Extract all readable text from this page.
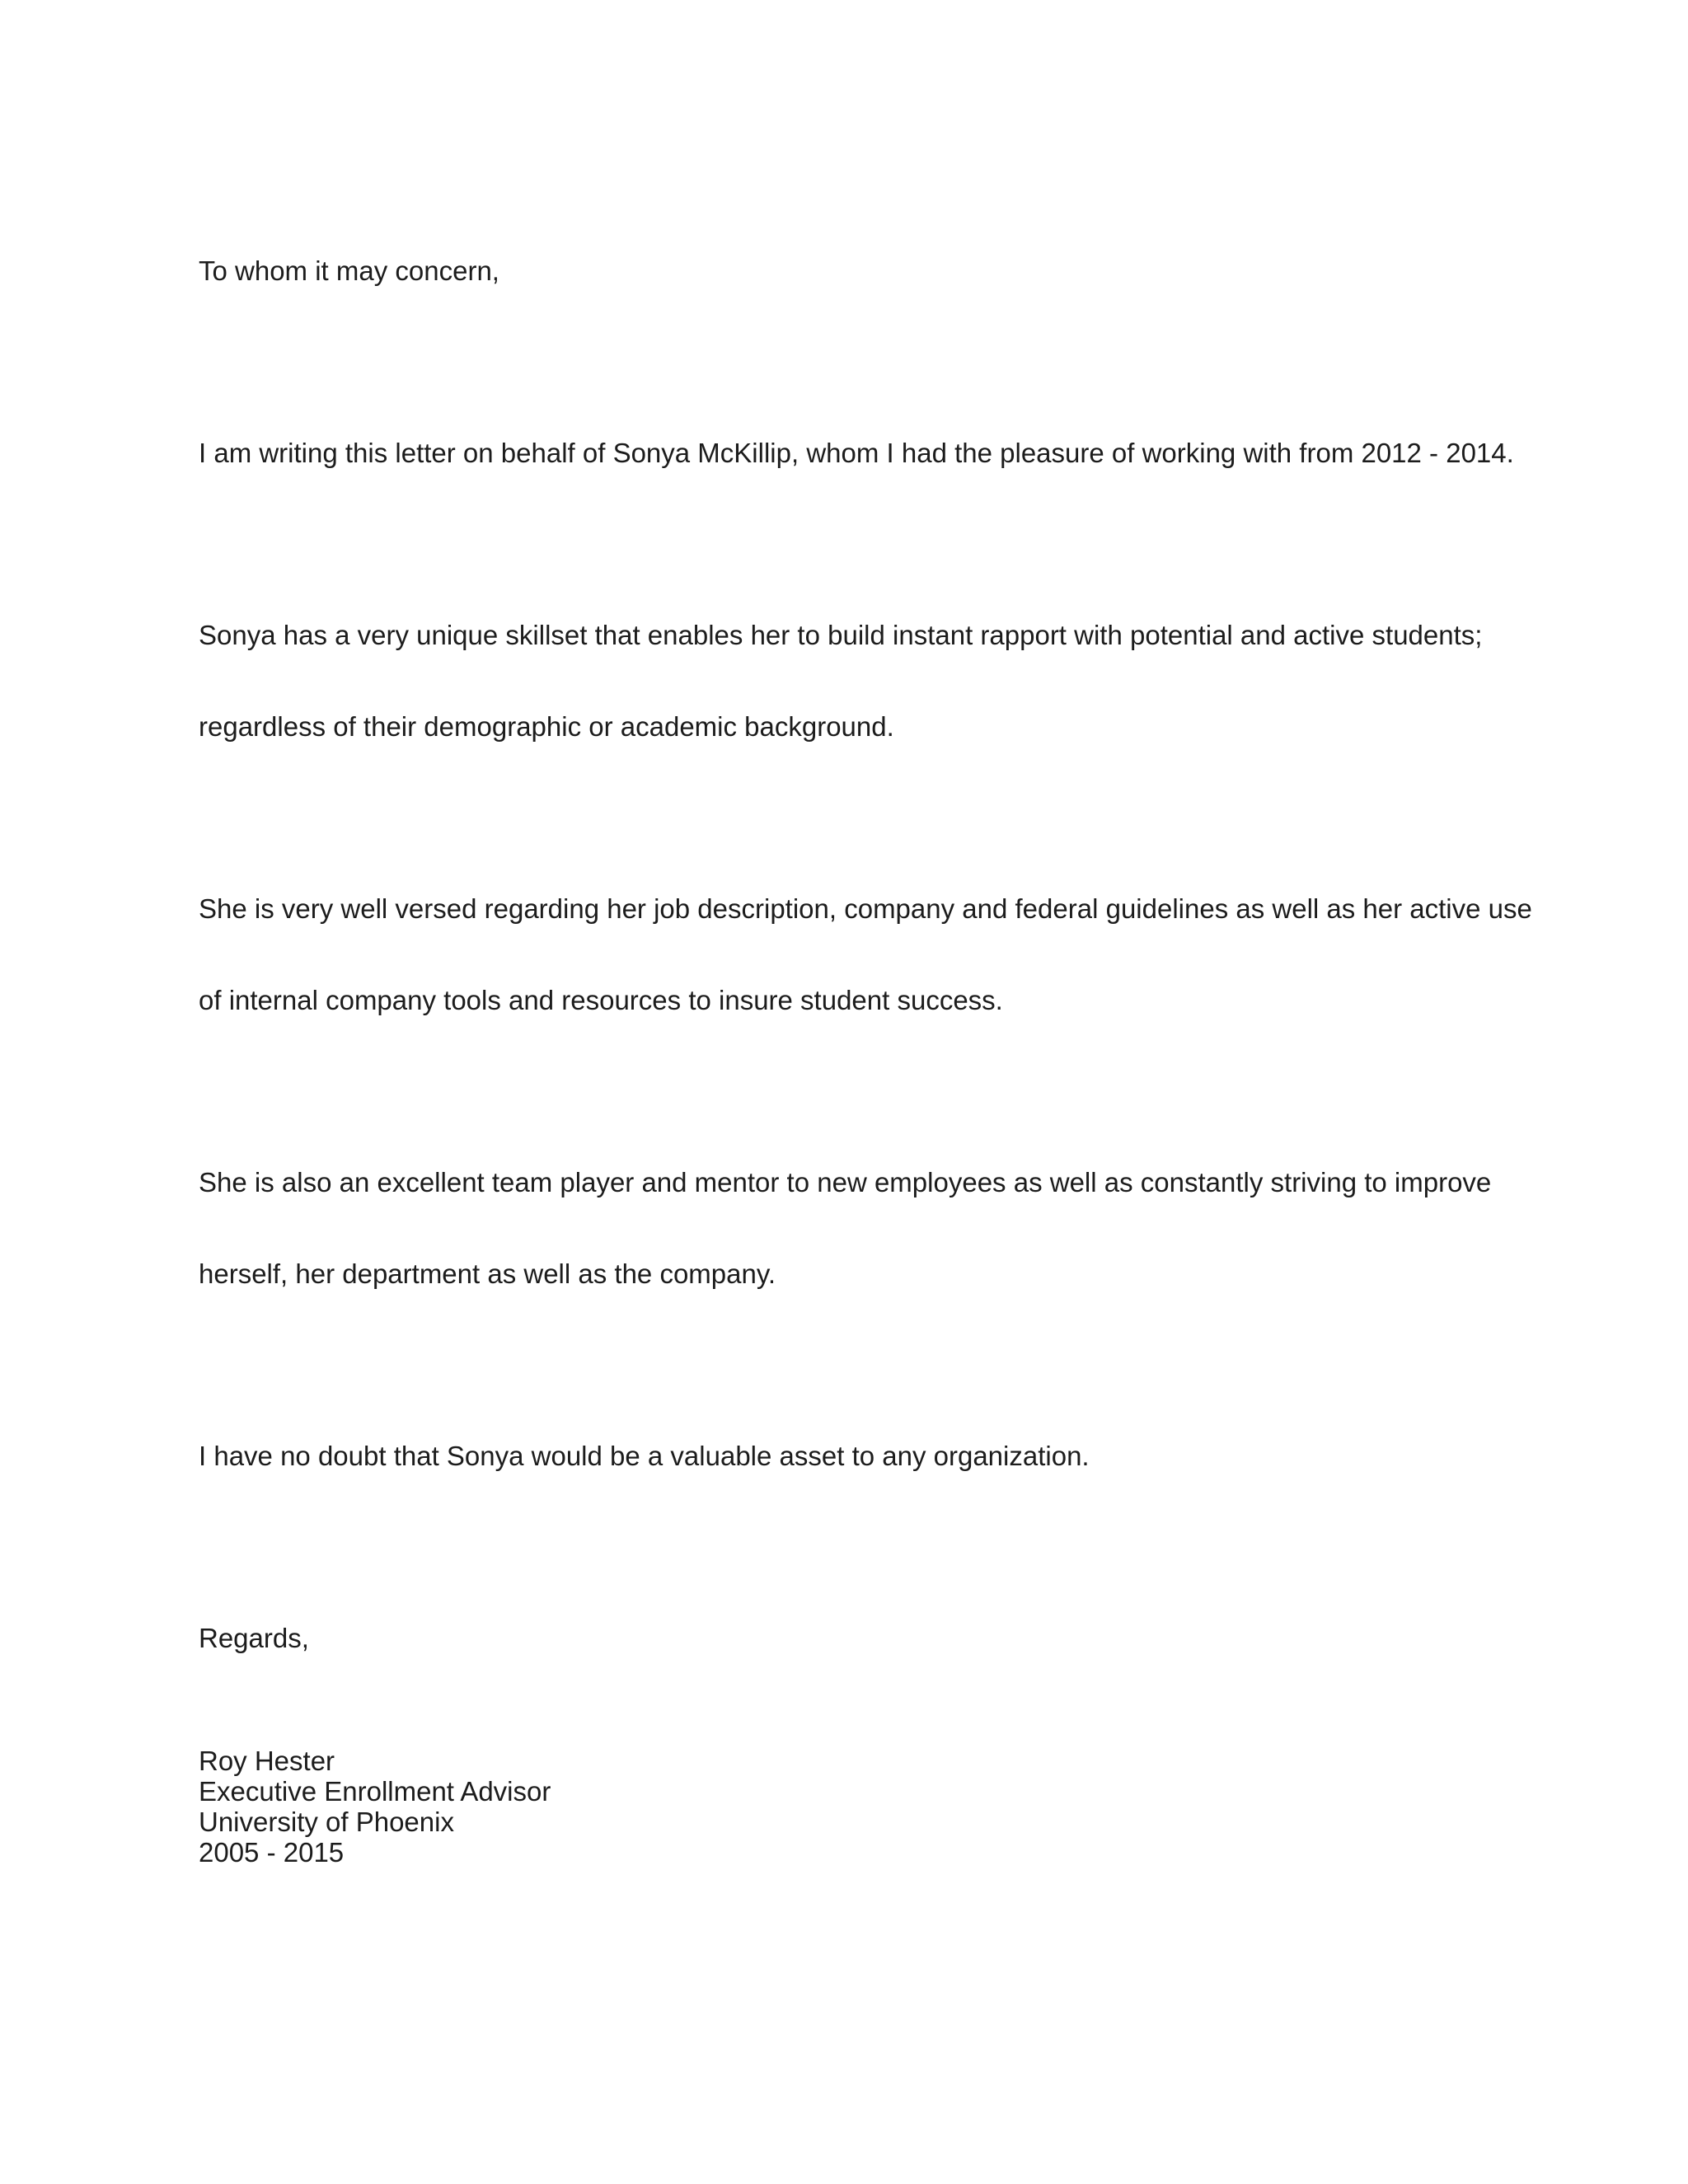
To whom it may concern,

I am writing this letter on behalf of Sonya McKillip, whom I had the pleasure of working with from 2012 - 2014.

Sonya has a very unique skillset that enables her to build instant rapport with potential and active students;

regardless of their demographic or academic background.

She is very well versed regarding her job description, company and federal guidelines as well as her active use

of internal company tools and resources to insure student success.

She is also an excellent team player and mentor to new employees as well as constantly striving to improve

herself, her department as well as the company.

I have no doubt that Sonya would be a valuable asset to any organization.

Regards,

Roy Hester
Executive Enrollment Advisor
University of Phoenix
2005 - 2015
